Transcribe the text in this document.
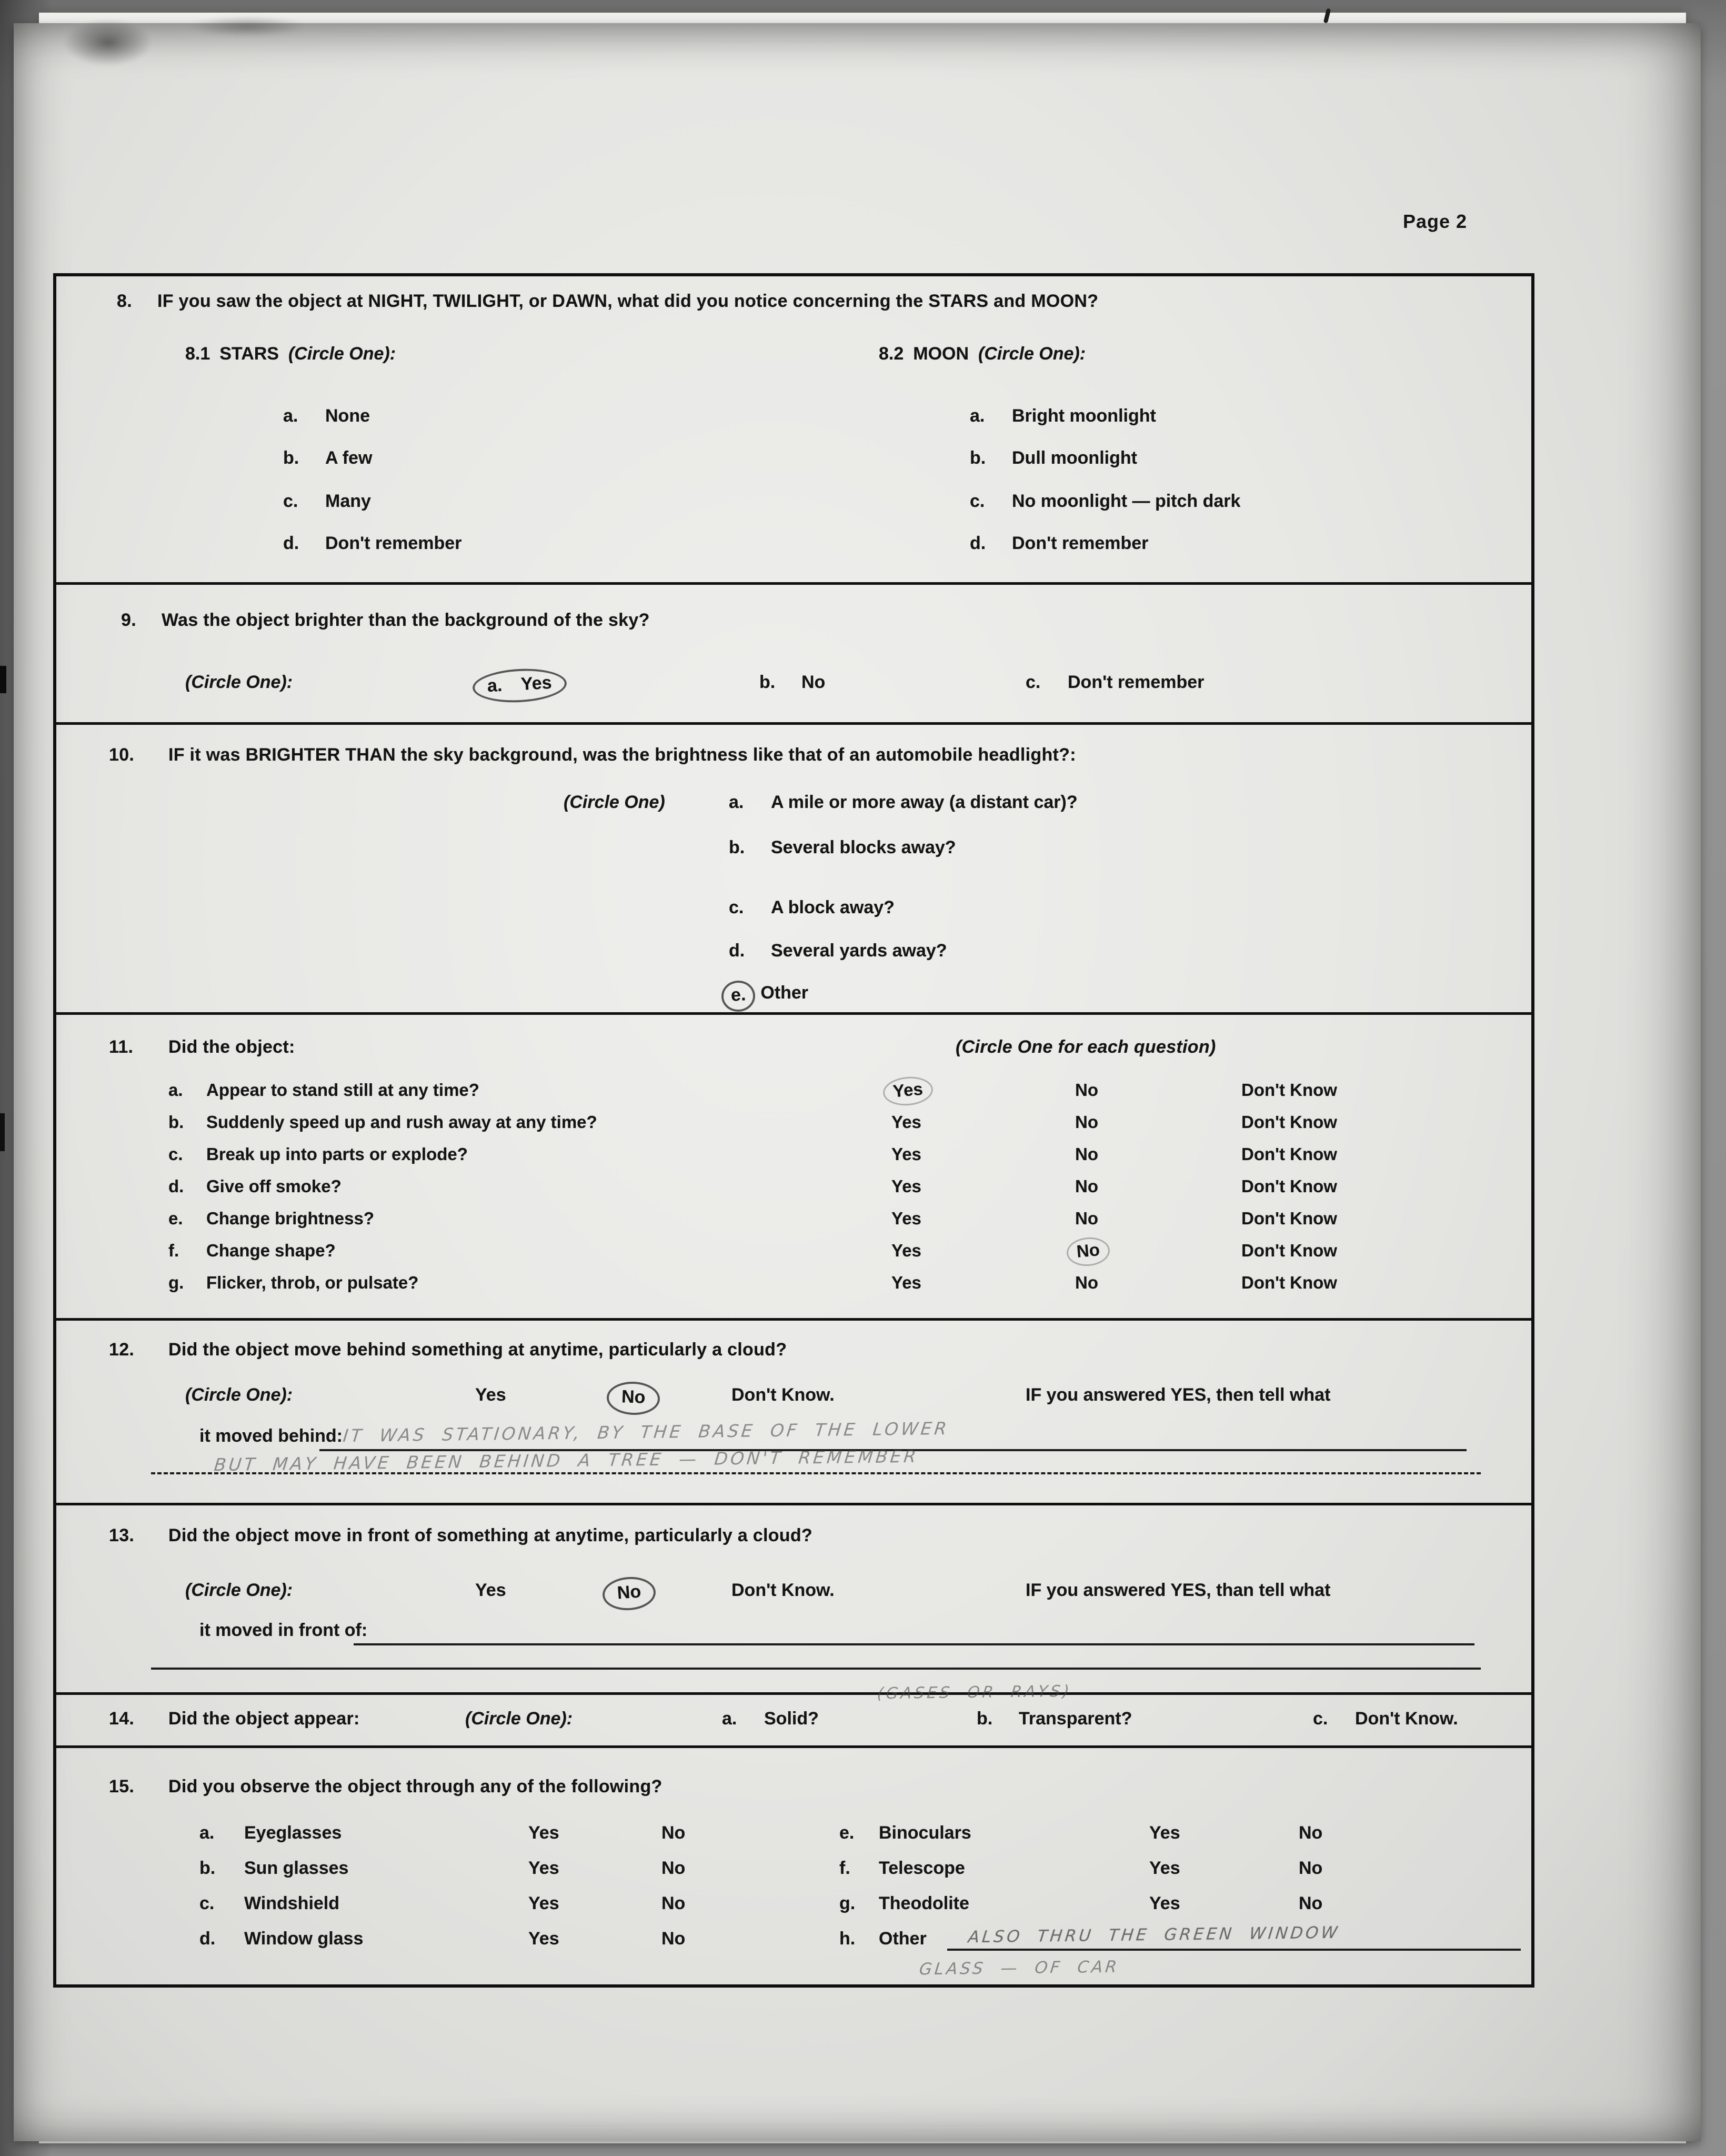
Page 2
8.	IF you saw the object at NIGHT, TWILIGHT, or DAWN, what did you notice concerning the STARS and MOON?
8.1 STARS (Circle One):	8.2 MOON (Circle One):
a.	None
b.	A few
c.	Many
d.	Don't remember
a.	Bright moonlight
b.	Dull moonlight
c.	No moonlight — pitch dark
d.	Don't remember
9.	Was the object brighter than the background of the sky?
(Circle One):	a. Yes	b.	No	c.	Don't remember
10.	IF it was BRIGHTER THAN the sky background, was the brightness like that of an automobile headlight?:
(Circle One)	a.	A mile or more away (a distant car)?
b.	Several blocks away?
c.	A block away?
d.	Several yards away?
e. Other
11.	Did the object:	(Circle One for each question)
a.	Appear to stand still at any time?	Yes	No	Don't Know
b.	Suddenly speed up and rush away at any time?	Yes	No	Don't Know
c.	Break up into parts or explode?	Yes	No	Don't Know
d.	Give off smoke?	Yes	No	Don't Know
e.	Change brightness?	Yes	No	Don't Know
f.	Change shape?	Yes	No	Don't Know
g.	Flicker, throb, or pulsate?	Yes	No	Don't Know
12.	Did the object move behind something at anytime, particularly a cloud?
(Circle One):	Yes	No	Don't Know.	IF you answered YES, then tell what
it moved behind:
IT WAS STATIONARY, BY THE BASE OF THE LOWER
BUT MAY HAVE BEEN BEHIND A TREE — DON'T REMEMBER
13.	Did the object move in front of something at anytime, particularly a cloud?
(Circle One):	Yes	No	Don't Know.	IF you answered YES, than tell what
it moved in front of:
(GASES OR RAYS)
14.	Did the object appear:	(Circle One):	a.	Solid?	b.	Transparent?	c.	Don't Know.
15.	Did you observe the object through any of the following?
a.	Eyeglasses	Yes	No	e.	Binoculars	Yes	No
b.	Sun glasses	Yes	No	f.	Telescope	Yes	No
c.	Windshield	Yes	No	g.	Theodolite	Yes	No
d.	Window glass	Yes	No	h.	Other	ALSO THRU THE GREEN WINDOW
GLASS — OF CAR
